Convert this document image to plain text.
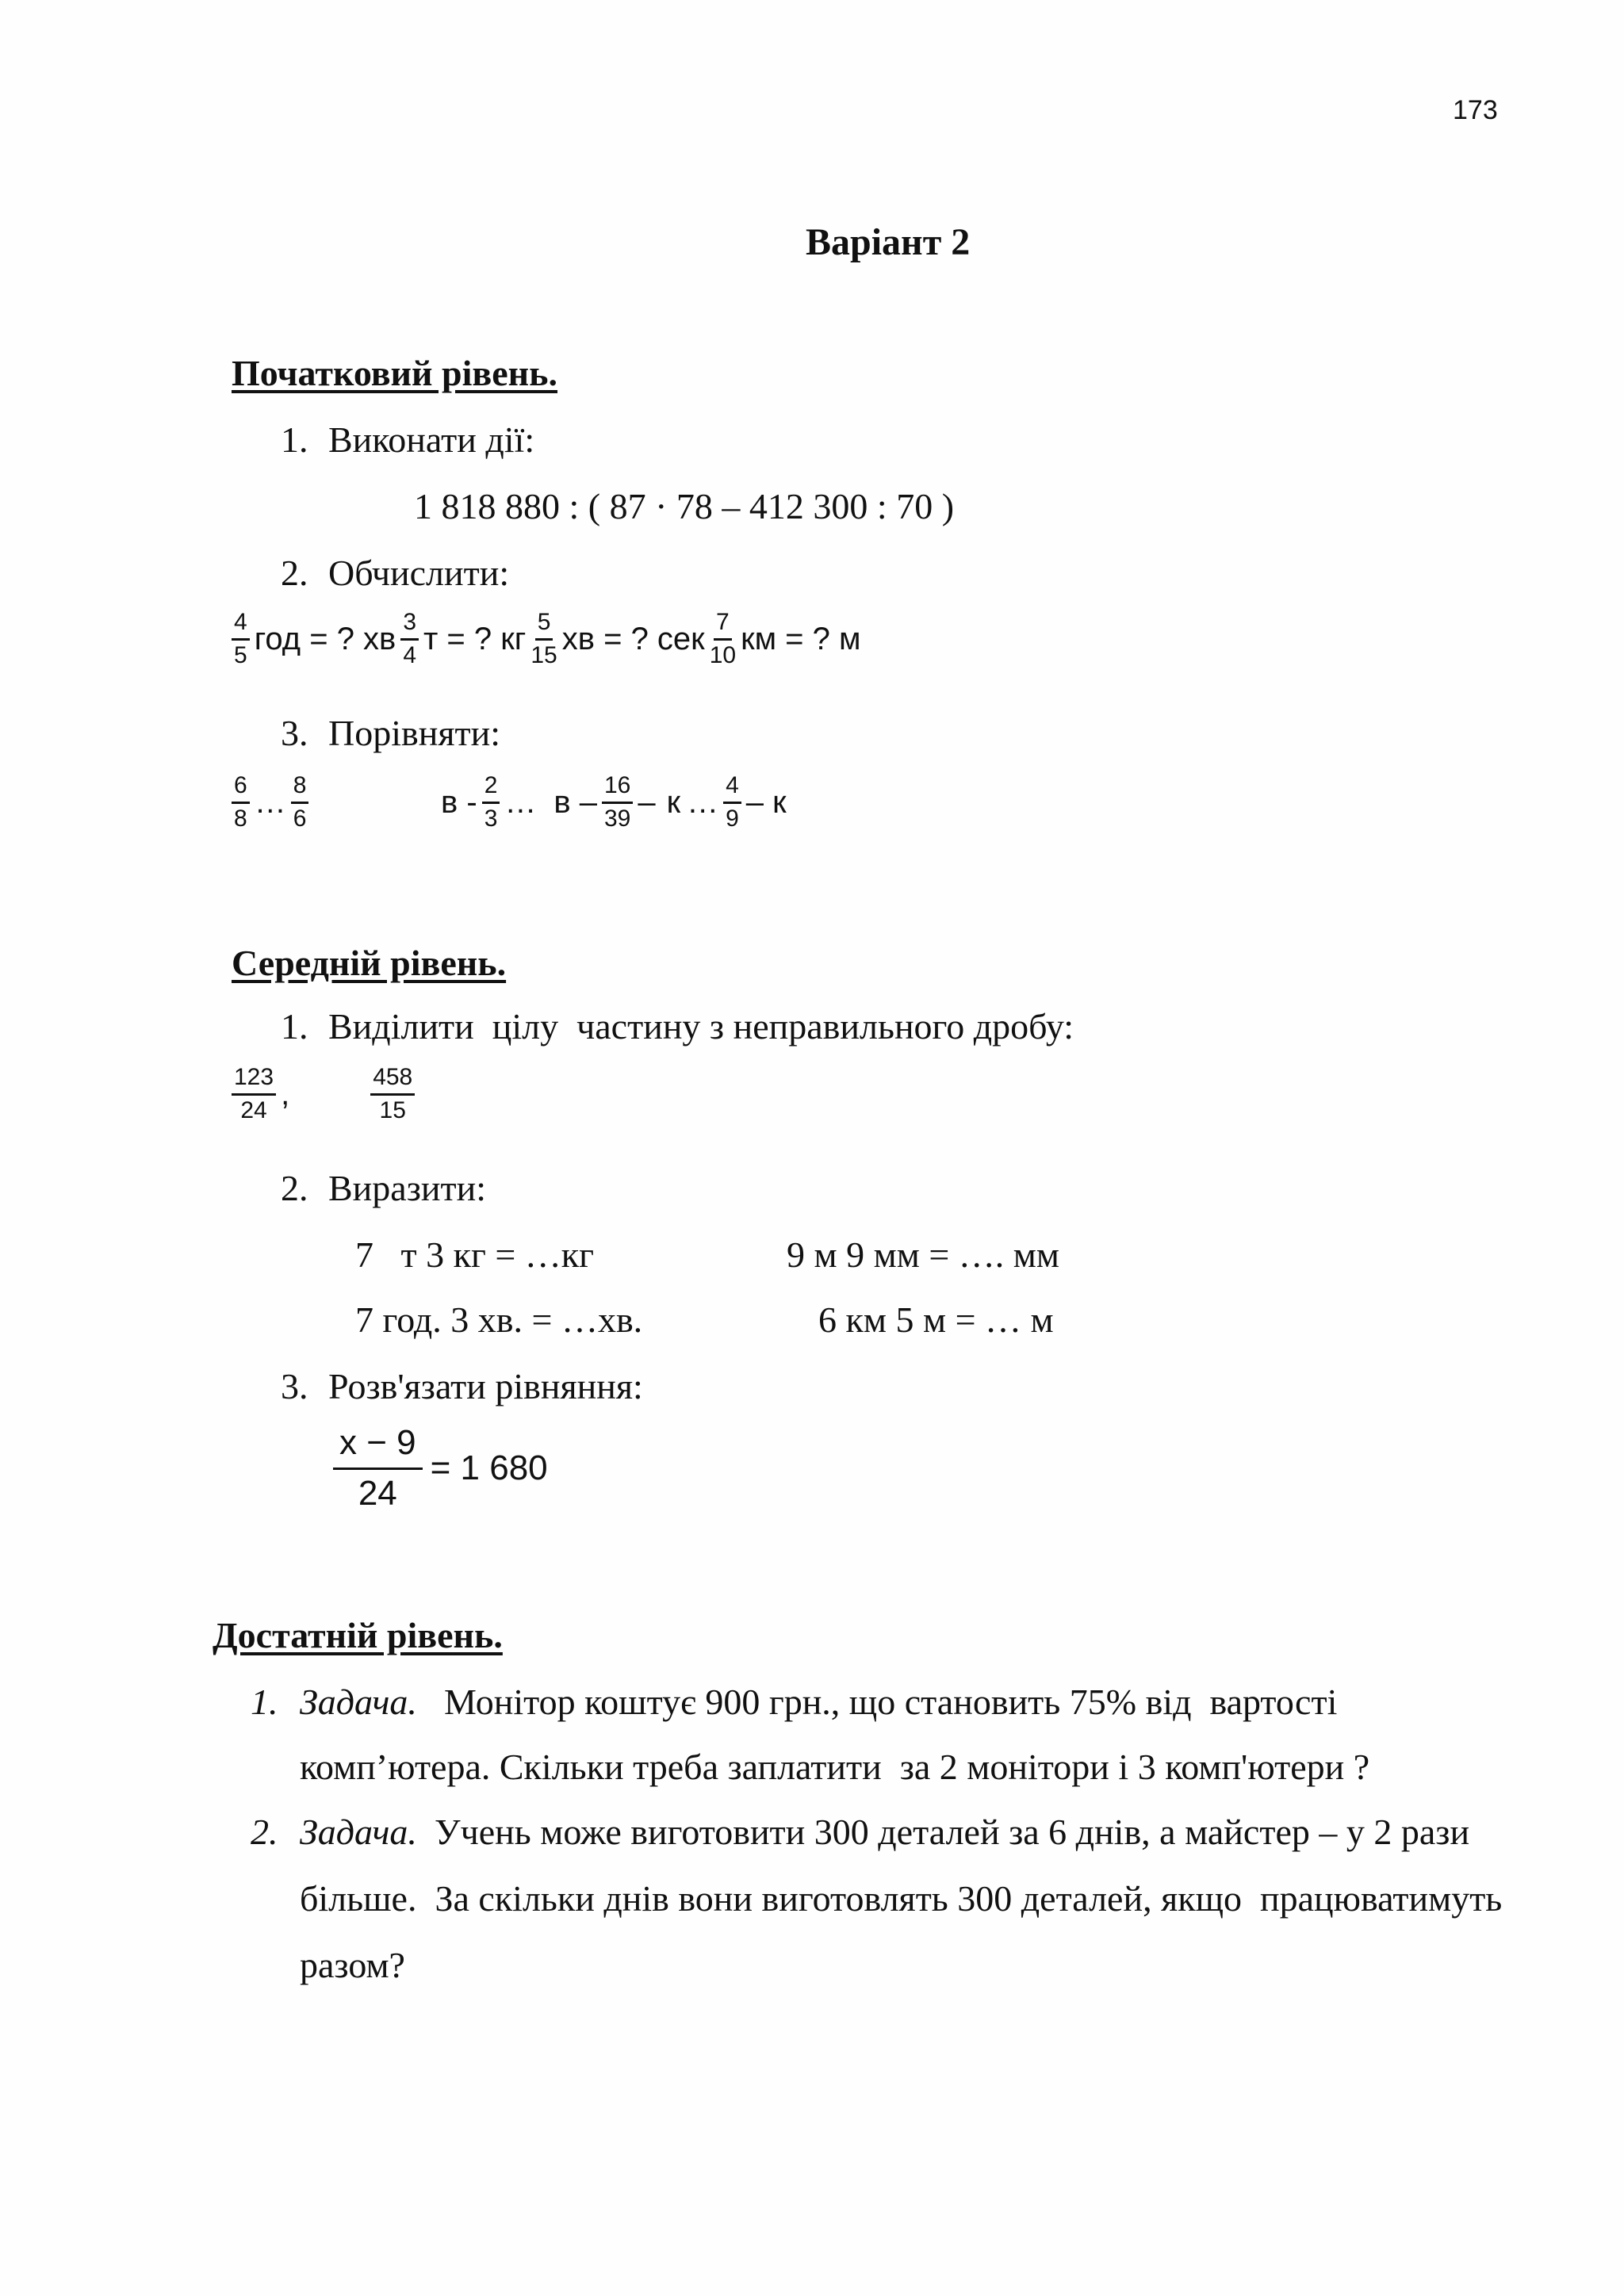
173
Варіант 2
Початковий рівень.
1. Виконати дії:
1 818 880 : ( 87 · 78 – 412 300 : 70 )
2. Обчислити:
$\frac{4}{5}$ год = ? хв $\frac{3}{4}$ т = ? кг $\frac{5}{15}$ хв = ? сек $\frac{7}{10}$ км = ? м
3. Порівняти:
$\frac{6}{8}$ … $\frac{8}{6}$	в - $\frac{2}{3}$ … в – $\frac{16}{39}$ – к … $\frac{4}{9}$ – к
Середній рівень.
1. Виділити  цілу  частину з неправильного дробу:
$\frac{123}{24}$ ,	$\frac{458}{15}$
2. Виразити:
7   т 3 кг = …кг	9 м 9 мм = …. мм
7 год. 3 хв. = …хв.	6 км 5 м = … м
3. Розв'язати рівняння:
$\frac{x - 9}{24} = 1$ 680
Достатній рівень.
1. Задача. Монітор коштує 900 грн., що становить 75% від  вартості
комп’ютера. Скільки треба заплатити  за 2 монітори і 3 комп'ютери ?
2. Задача. Учень може виготовити 300 деталей за 6 днів, а майстер – у 2 рази
більше.  За скільки днів вони виготовлять 300 деталей, якщо  працюватимуть
разом?
